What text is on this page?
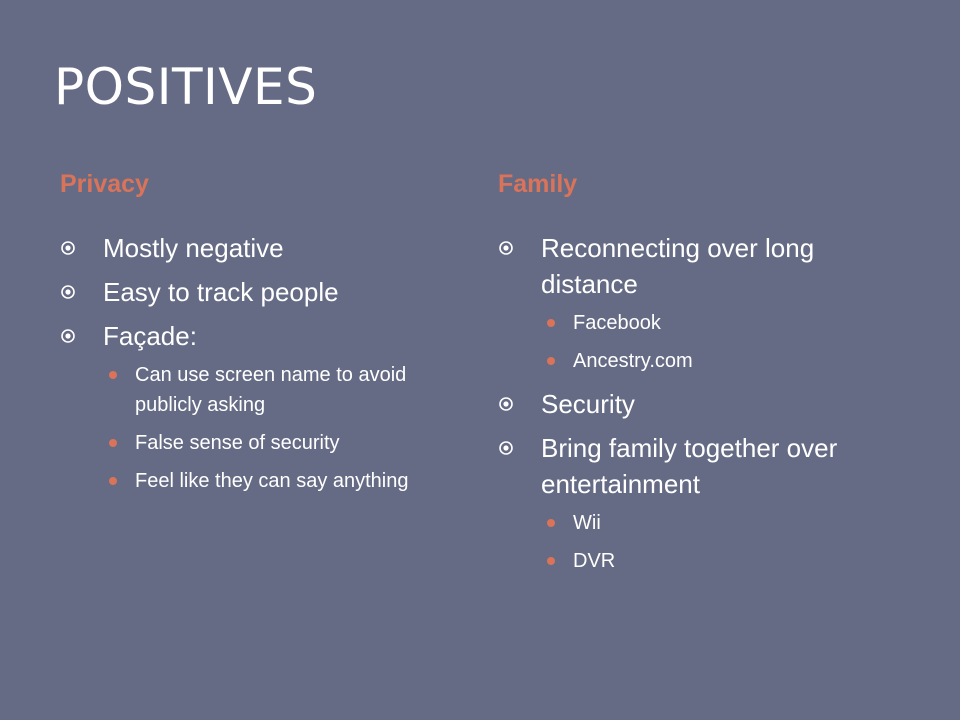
POSITIVES
Privacy
Mostly negative
Easy to track people
Façade:
Can use screen name to avoid publicly asking
False sense of security
Feel like they can say anything
Family
Reconnecting over long distance
Facebook
Ancestry.com
Security
Bring family together over entertainment
Wii
DVR
